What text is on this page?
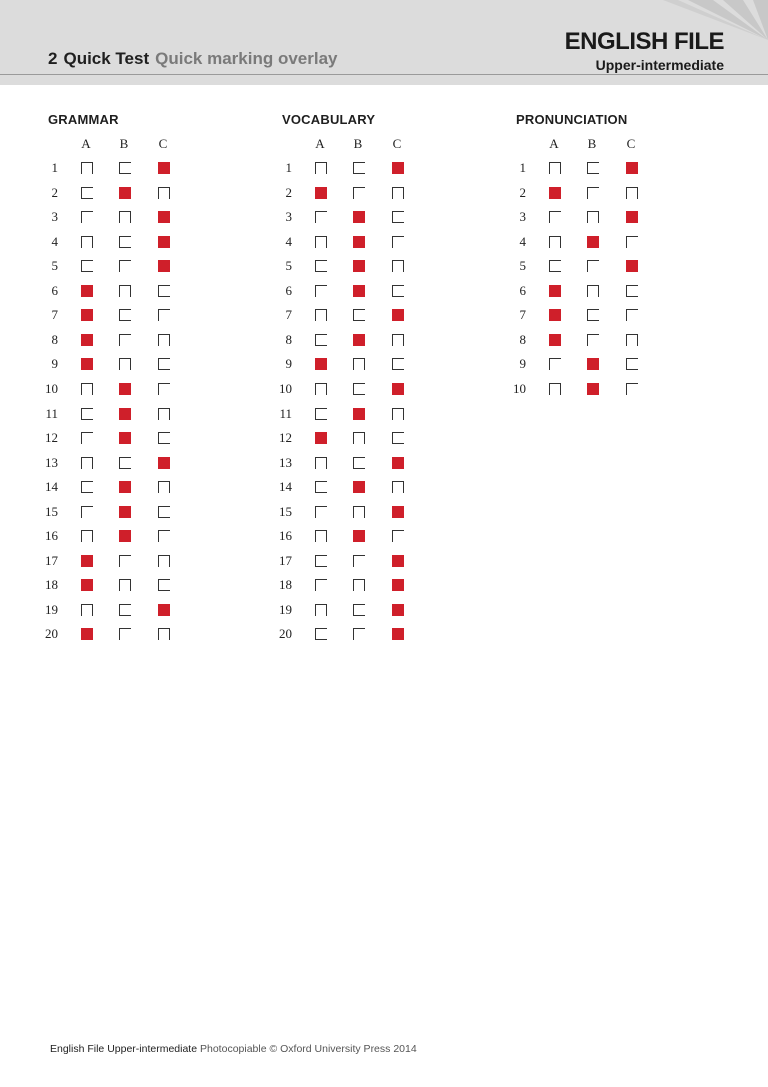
2 Quick Test Quick marking overlay
ENGLISH FILE
Upper-intermediate
GRAMMAR
A B C
1
2
3
4
5
6
7
8
9
10
11
12
13
14
15
16
17
18
19
20
VOCABULARY
A B C
1
2
3
4
5
6
7
8
9
10
11
12
13
14
15
16
17
18
19
20
PRONUNCIATION
A B C
1
2
3
4
5
6
7
8
9
10
English File Upper-intermediate Photocopiable © Oxford University Press 2014
